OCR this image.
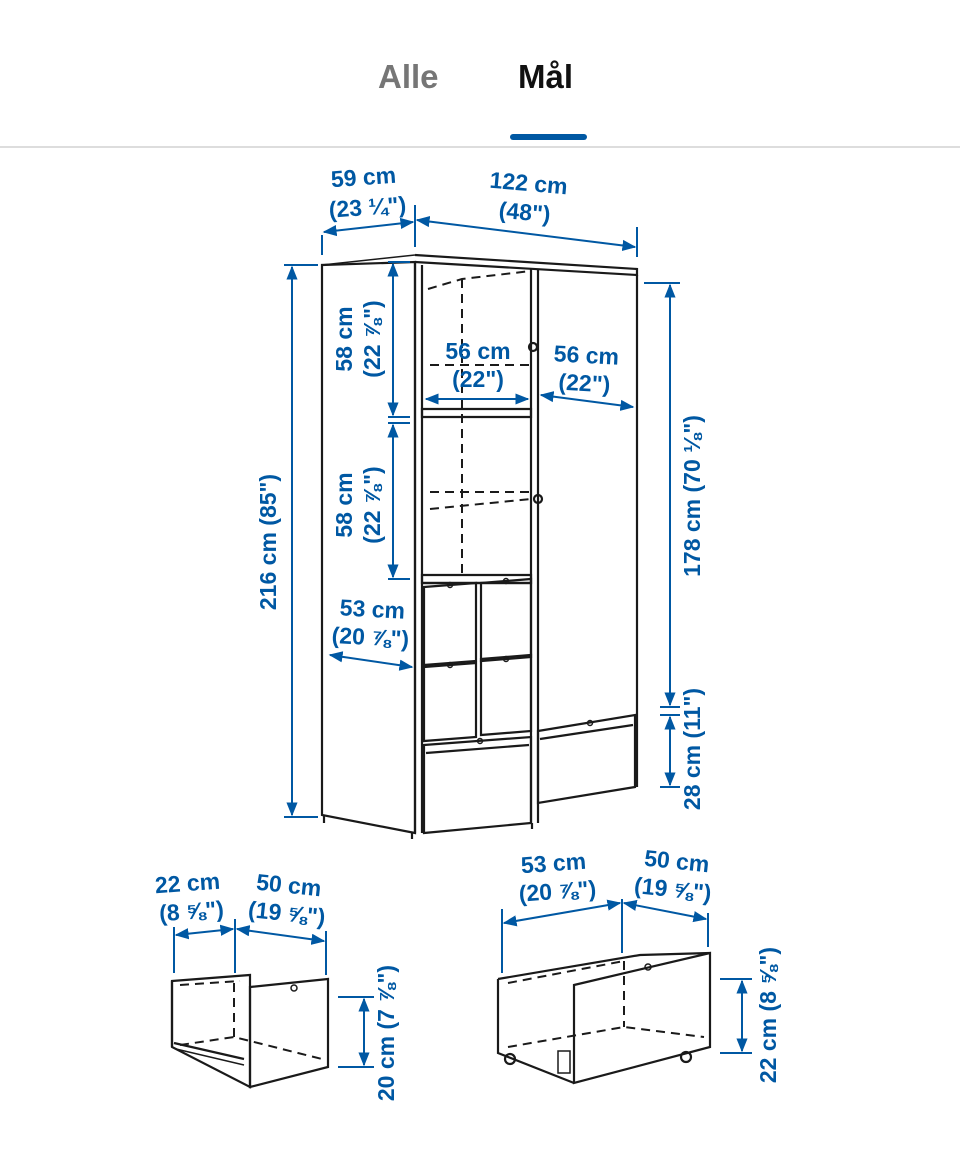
Alle Mål
59 cm
(23 ¼")
122 cm
(48")
216 cm (85")
58 cm (22 ⅞")
58 cm (22 ⅞")
56 cm
(22")
56 cm
(22")
53 cm
(20 ⅞")
178 cm (70 ⅛")
28 cm (11")
22 cm
(8 ⅝")
50 cm
(19 ⅝")
20 cm (7 ⅞")
53 cm
(20 ⅞")
50 cm
(19 ⅝")
22 cm (8 ⅝")
